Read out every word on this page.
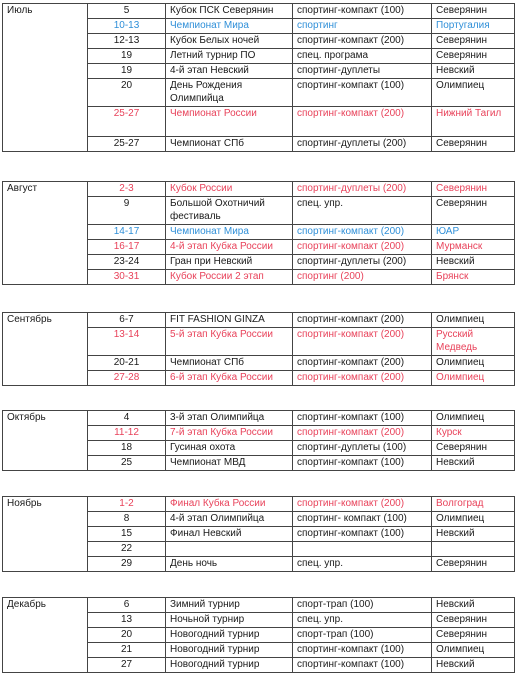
Июль	5	Кубок ПСК Северянин	спортинг-компакт (100)	Северянин
	10-13	Чемпионат Мира	спортинг	Португалия
	12-13	Кубок Белых ночей	спортинг-компакт (200)	Северянин
	19	Летний турнир ПО	спец. програма	Северянин
	19	4-й этап Невский	спортинг-дуплеты	Невский
	20	День Рождения Олимпийца	спортинг-компакт (100)	Олимпиец
	25-27	Чемпионат России	спортинг-компакт (200)	Нижний Тагил
	25-27	Чемпионат СПб	спортинг-дуплеты (200)	Северянин
Август	2-3	Кубок России	спортинг-дуплеты (200)	Северянин
	9	Большой Охотничий фестиваль	спец. упр.	Северянин
	14-17	Чемпионат Мира	спортинг-компакт (200)	ЮАР
	16-17	4-й этап Кубка России	спортинг-компакт (200)	Мурманск
	23-24	Гран при Невский	спортинг-дуплеты (200)	Невский
	30-31	Кубок России 2 этап	спортинг (200)	Брянск
Сентябрь	6-7	FIT FASHION GINZA	спортинг-компакт (200)	Олимпиец
	13-14	5-й этап Кубка России	спортинг-компакт (200)	Русский Медведь
	20-21	Чемпионат СПб	спортинг-компакт (200)	Олимпиец
	27-28	6-й этап Кубка России	спортинг-компакт (200)	Олимпиец
Октябрь	4	3-й этап Олимпийца	спортинг-компакт (100)	Олимпиец
	11-12	7-й этап Кубка России	спортинг-компакт (200)	Курск
	18	Гусиная охота	спортинг-дуплеты (100)	Северянин
	25	Чемпионат МВД	спортинг-компакт (100)	Невский
Ноябрь	1-2	Финал Кубка России	спортинг-компакт (200)	Волгоград
	8	4-й этап Олимпийца	спортинг- компакт (100)	Олимпиец
	15	Финал Невский	спортинг-компакт (100)	Невский
	22			
	29	День ночь	спец. упр.	Северянин
Декабрь	6	Зимний турнир	спорт-трап (100)	Невский
	13	Ночьной турнир	спец. упр.	Северянин
	20	Новогодний турнир	спорт-трап (100)	Северянин
	21	Новогодний турнир	спортинг-компакт (100)	Олимпиец
	27	Новогодний турнир	спортинг-компакт (100)	Невский
